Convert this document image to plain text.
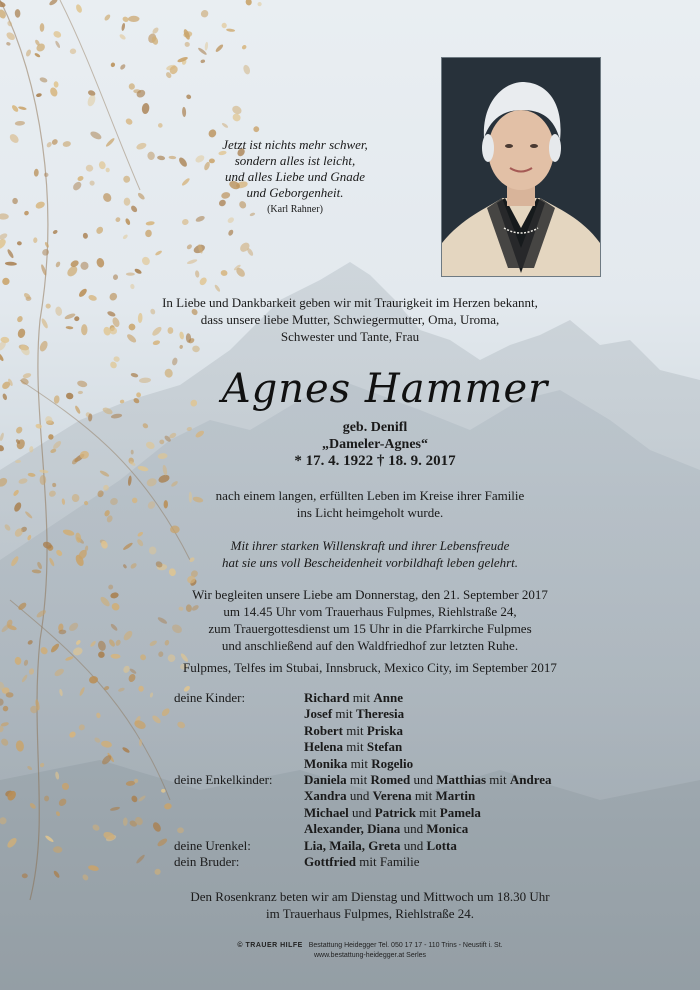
Jetzt ist nichts mehr schwer,
sondern alles ist leicht,
und alles Liebe und Gnade
und Geborgenheit.
(Karl Rahner)
In Liebe und Dankbarkeit geben wir mit Traurigkeit im Herzen bekannt,
dass unsere liebe Mutter, Schwiegermutter, Oma, Uroma,
Schwester und Tante, Frau
Agnes Hammer
geb. Denifl
„Dameler-Agnes“
* 17. 4. 1922 † 18. 9. 2017
nach einem langen, erfüllten Leben im Kreise ihrer Familie
ins Licht heimgeholt wurde.
Mit ihrer starken Willenskraft und ihrer Lebensfreude
hat sie uns voll Bescheidenheit vorbildhaft leben gelehrt.
Wir begleiten unsere Liebe am Donnerstag, den 21. September 2017
um 14.45 Uhr vom Trauerhaus Fulpmes, Riehlstraße 24,
zum Trauergottesdienst um 15 Uhr in die Pfarrkirche Fulpmes
und anschließend auf den Waldfriedhof zur letzten Ruhe.
Fulpmes, Telfes im Stubai, Innsbruck, Mexico City, im September 2017
deine Kinder:	Richard mit Anne
Josef mit Theresia
Robert mit Priska
Helena mit Stefan
Monika mit Rogelio
deine Enkelkinder:	Daniela mit Romed und Matthias mit Andrea
Xandra und Verena mit Martin
Michael und Patrick mit Pamela
Alexander, Diana und Monica
deine Urenkel:	Lia, Maila, Greta und Lotta
dein Bruder:	Gottfried mit Familie
Den Rosenkranz beten wir am Dienstag und Mittwoch um 18.30 Uhr
im Trauerhaus Fulpmes, Riehlstraße 24.
© TRAUER HILFE Bestattung Heidegger Tel. 050 17 17 - 110 Trins - Neustift i. St.
www.bestattung-heidegger.at Serles
